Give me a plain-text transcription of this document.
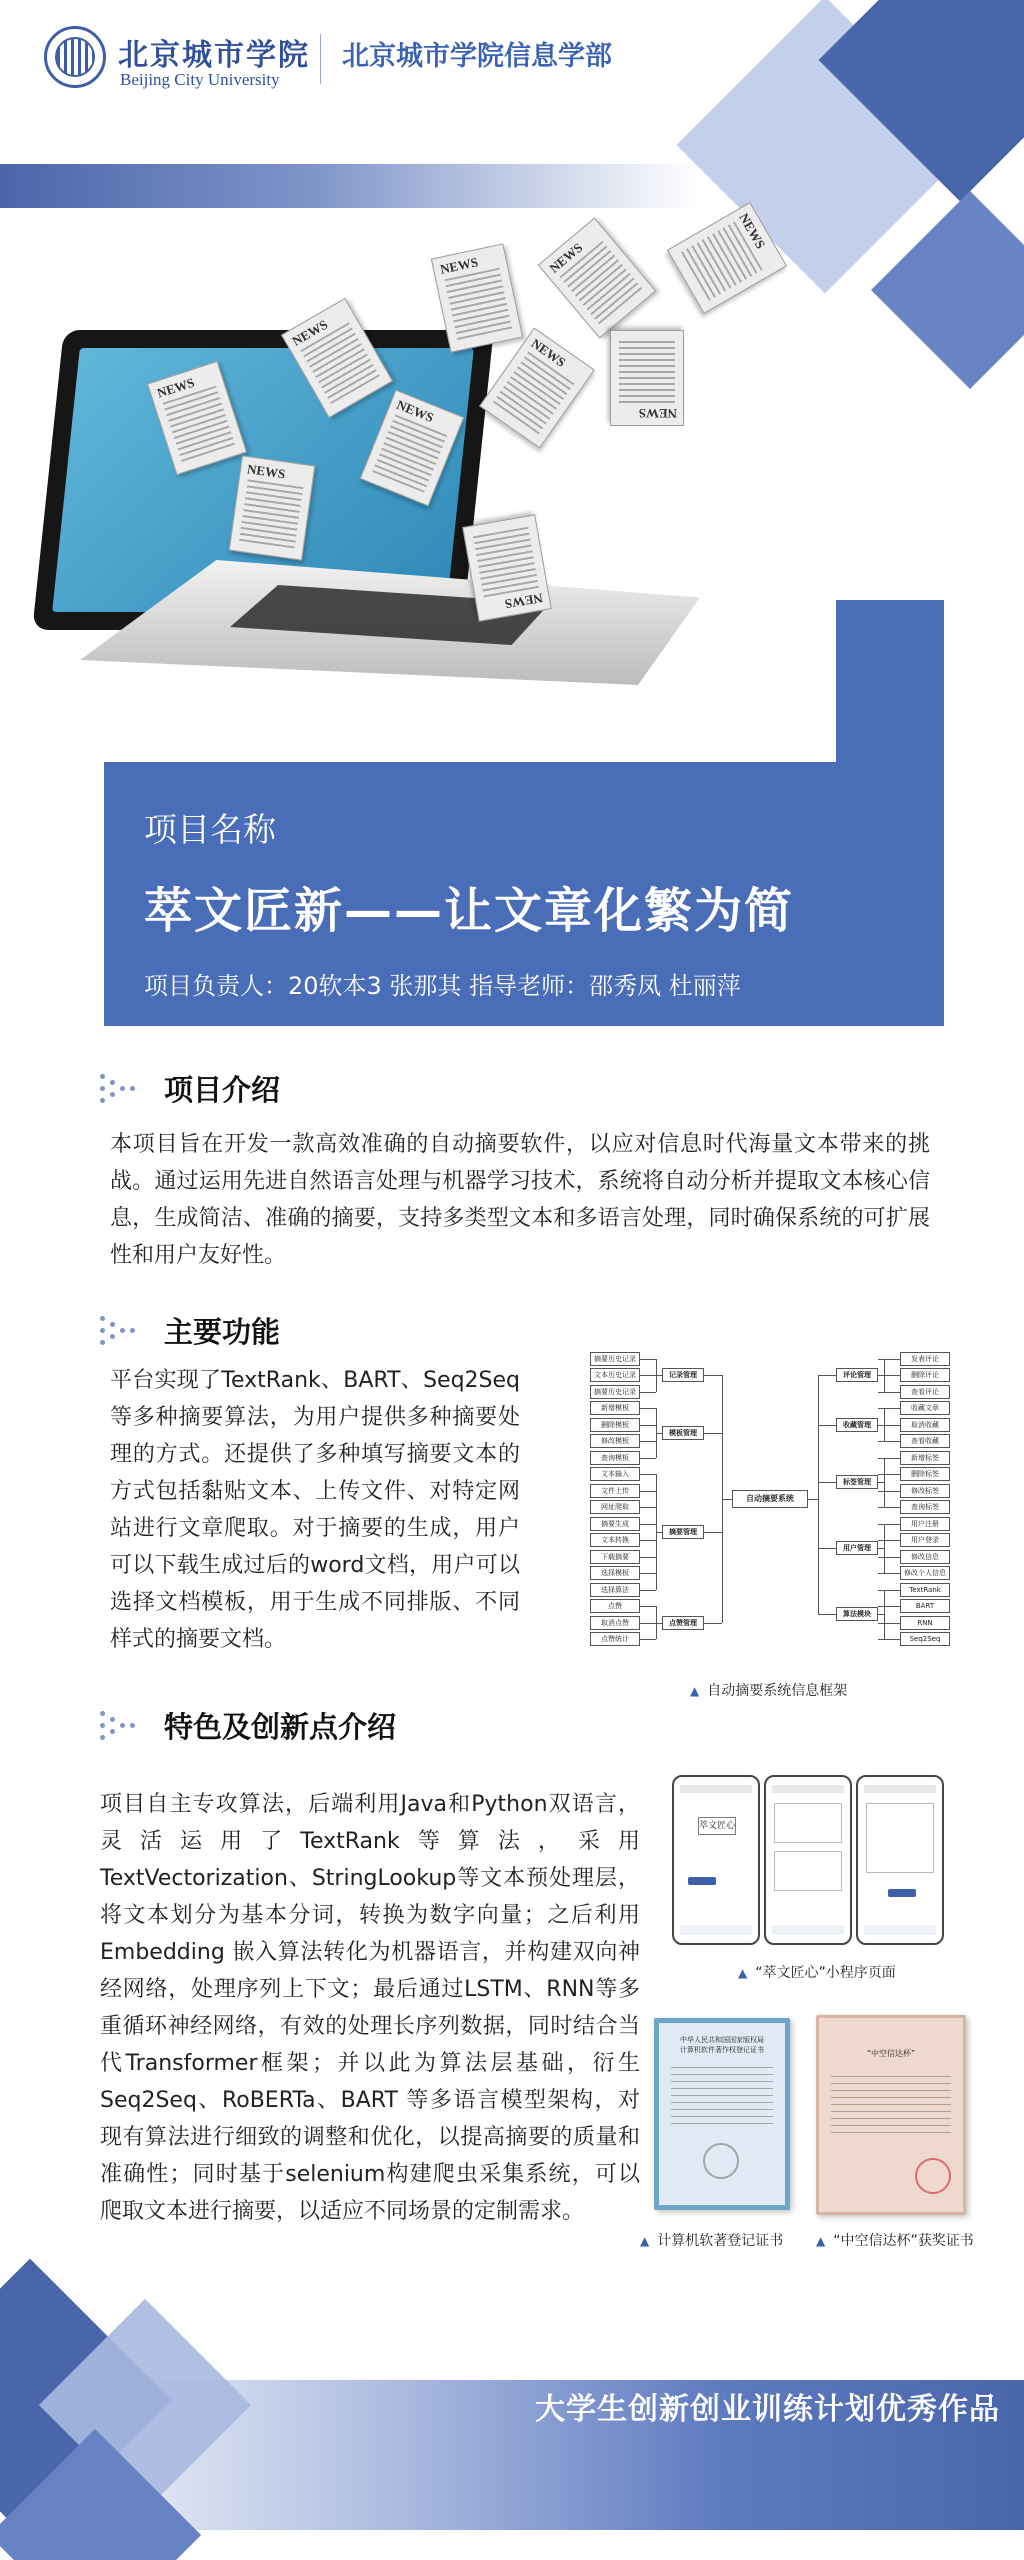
北京城市学院
Beijing City University
北京城市学院信息学部
NEWS
NEWS
NEWS
NEWS
NEWS
NEWS
NEWS
NEWS
NEWS
NEWS
项目名称
萃文匠新——让文章化繁为简
项目负责人：20软本3 张那其 指导老师：邵秀凤 杜丽萍
项目介绍
本项目旨在开发一款高效准确的自动摘要软件，以应对信息时代海量文本带来的挑战。通过运用先进自然语言处理与机器学习技术，系统将自动分析并提取文本核心信息，生成简洁、准确的摘要，支持多类型文本和多语言处理，同时确保系统的可扩展性和用户友好性。
主要功能
平台实现了TextRank、BART、Seq2Seq等多种摘要算法，为用户提供多种摘要处理的方式。还提供了多种填写摘要文本的方式包括黏贴文本、上传文件、对特定网站进行文章爬取。对于摘要的生成，用户可以下载生成过后的word文档，用户可以选择文档模板，用于生成不同排版、不同样式的摘要文档。
自动摘要系统
摘要历史记录
文本历史记录
摘要历史记录
记录管理
新增模板
删除模板
修改模板
查询模板
模板管理
文本输入
文件上传
网址爬取
摘要生成
文本转换
下载摘要
选择模板
选择算法
摘要管理
点赞
取消点赞
点赞统计
点赞管理
发表评论
删除评论
查看评论
评论管理
收藏文章
取消收藏
查看收藏
收藏管理
新增标签
删除标签
修改标签
查询标签
标签管理
用户注册
用户登录
修改信息
修改个人信息
用户管理
TextRank
BART
RNN
Seq2Seq
算法模块
▲ 自动摘要系统信息框架
特色及创新点介绍
项目自主专攻算法，后端利用Java和Python双语言，灵活运用了TextRank等算法，采用 TextVectorization、StringLookup等文本预处理层，将文本划分为基本分词，转换为数字向量；之后利用 Embedding 嵌入算法转化为机器语言，并构建双向神经网络，处理序列上下文；最后通过LSTM、RNN等多重循环神经网络，有效的处理长序列数据，同时结合当代Transformer框架；并以此为算法层基础，衍生 Seq2Seq、RoBERTa、BART 等多语言模型架构，对现有算法进行细致的调整和优化，以提高摘要的质量和准确性；同时基于selenium构建爬虫采集系统，可以爬取文本进行摘要，以适应不同场景的定制需求。
萃文匠心
▲ “萃文匠心”小程序页面
中华人民共和国国家版权局
计算机软件著作权登记证书	“中空信达杯”
▲ 计算机软著登记证书	▲ “中空信达杯”获奖证书
大学生创新创业训练计划优秀作品
